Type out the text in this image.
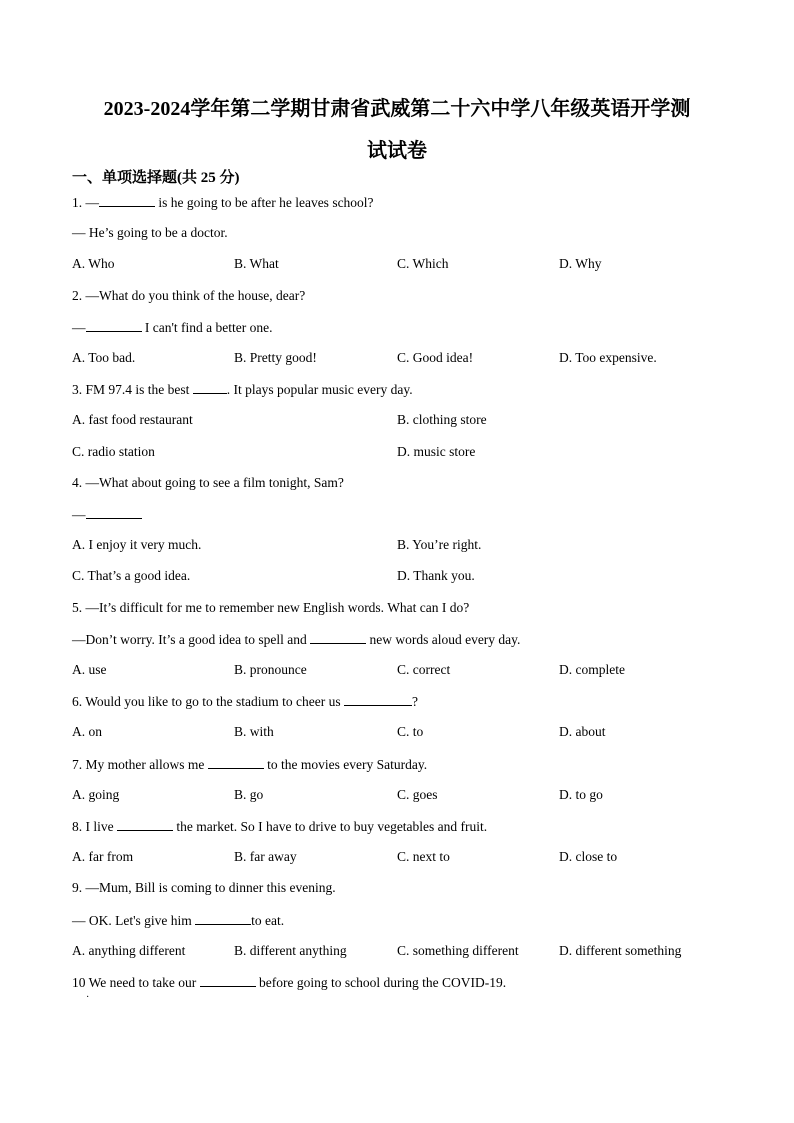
2023-2024学年第二学期甘肃省武威第二十六中学八年级英语开学测
试试卷
一、单项选择题(共 25 分)
1. —	is he going to be after he leaves school?
— He’s going to be a doctor.
A. Who	B. What	C. Which	D. Why
2. —What do you think of the house, dear?
—	I can't find a better one.
A. Too bad.	B. Pretty good!	C. Good idea!	D. Too expensive.
3. FM 97.4 is the best	. It plays popular music every day.
A. fast food restaurant	B. clothing store
C. radio station	D. music store
4. —What about going to see a film tonight, Sam?
—
A. I enjoy it very much.	B. You’re right.
C. That’s a good idea.	D. Thank you.
5. —It’s difficult for me to remember new English words. What can I do?
—Don’t worry. It’s a good idea to spell and	new words aloud every day.
A. use	B. pronounce	C. correct	D. complete
6. Would you like to go to the stadium to cheer us	?
A. on	B. with	C. to	D. about
7. My mother allows me	to the movies every Saturday.
A. going	B. go	C. goes	D. to go
8. I live	the market. So I have to drive to buy vegetables and fruit.
A. far from	B. far away	C. next to	D. close to
9. —Mum, Bill is coming to dinner this evening.
— OK. Let's give him	to eat.
A. anything different	B. different anything	C. something different	D. different something
10 We need to take our	before going to school during the COVID-19.
·
